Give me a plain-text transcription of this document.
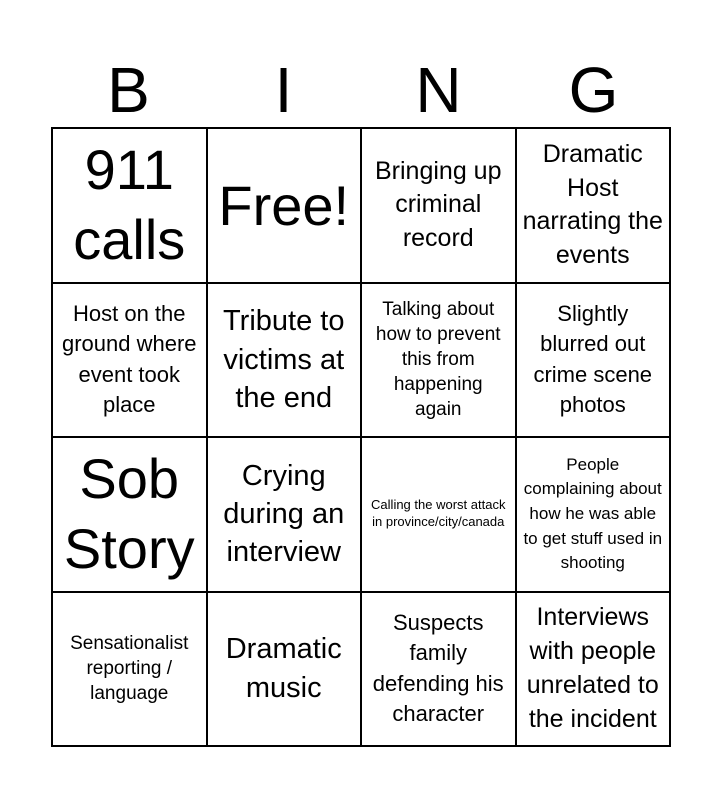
B	I	N	G
911 calls
Free!
Bringing up criminal record
Dramatic Host narrating the events
Host on the ground where event took place
Tribute to victims at the end
Talking about how to prevent this from happening again
Slightly blurred out crime scene photos
Sob Story
Crying during an interview
Calling the worst attack in province/city/canada
People complaining about how he was able to get stuff used in shooting
Sensationalist reporting / language
Dramatic music
Suspects family defending his character
Interviews with people unrelated to the incident
